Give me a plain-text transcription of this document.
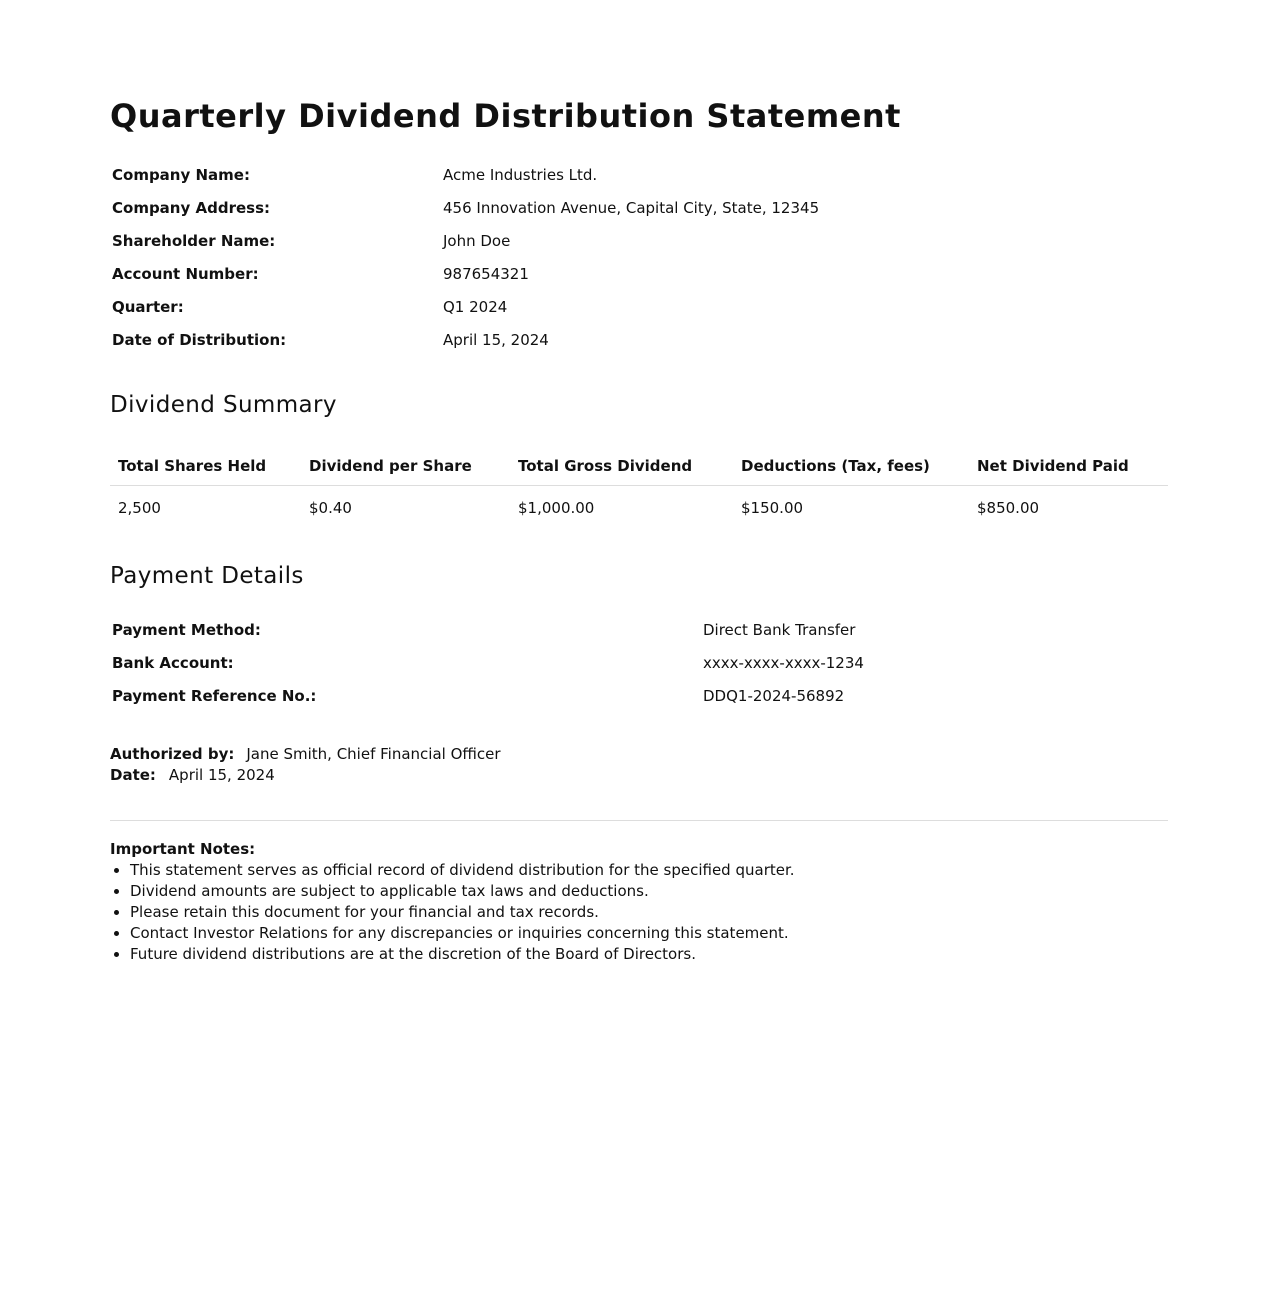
Quarterly Dividend Distribution Statement
Company Name:	Acme Industries Ltd.
Company Address:	456 Innovation Avenue, Capital City, State, 12345
Shareholder Name:	John Doe
Account Number:	987654321
Quarter:	Q1 2024
Date of Distribution:	April 15, 2024
Dividend Summary
Total Shares Held	Dividend per Share	Total Gross Dividend	Deductions (Tax, fees)	Net Dividend Paid
2,500	$0.40	$1,000.00	$150.00	$850.00
Payment Details
Payment Method:	Direct Bank Transfer
Bank Account:	xxxx-xxxx-xxxx-1234
Payment Reference No.:	DDQ1-2024-56892
Authorized by: Jane Smith, Chief Financial Officer
Date: April 15, 2024
Important Notes:
• This statement serves as official record of dividend distribution for the specified quarter.
• Dividend amounts are subject to applicable tax laws and deductions.
• Please retain this document for your financial and tax records.
• Contact Investor Relations for any discrepancies or inquiries concerning this statement.
• Future dividend distributions are at the discretion of the Board of Directors.
